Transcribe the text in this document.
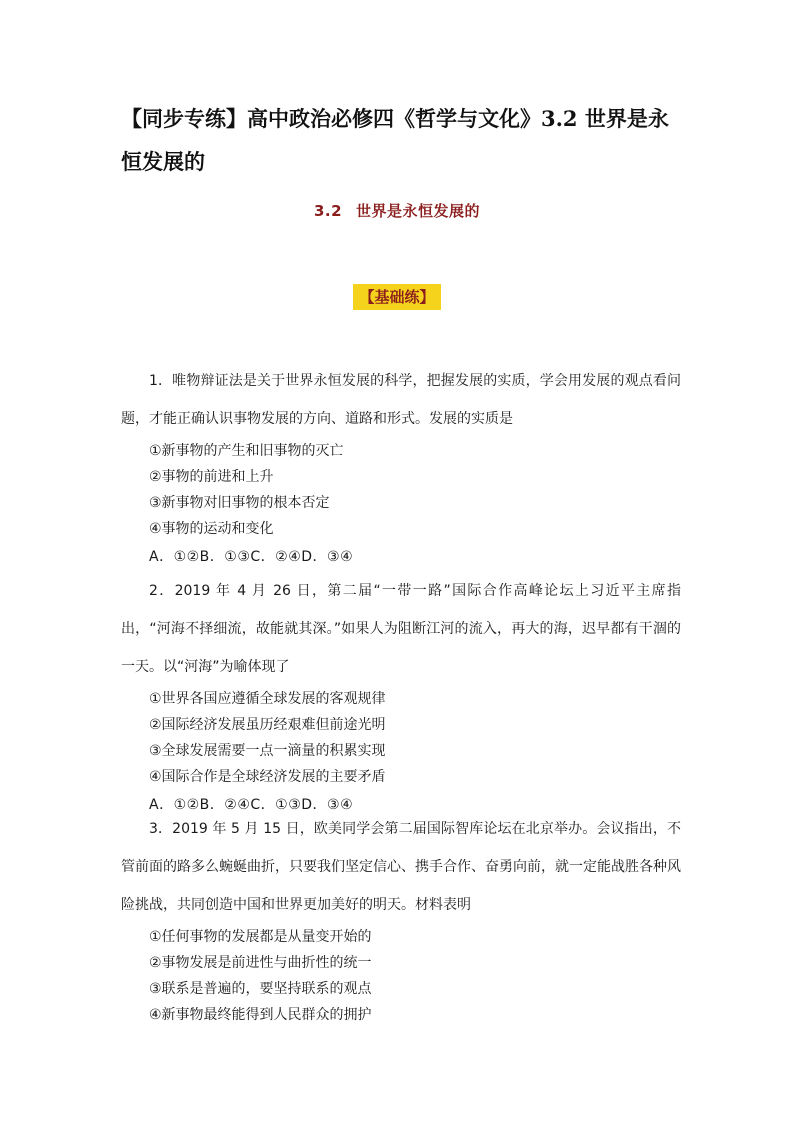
【同步专练】高中政治必修四《哲学与文化》3.2 世界是永恒发展的
3.2 世界是永恒发展的
【基础练】

1．唯物辩证法是关于世界永恒发展的科学，把握发展的实质，学会用发展的观点看问题，才能正确认识事物发展的方向、道路和形式。发展的实质是

①新事物的产生和旧事物的灭亡

②事物的前进和上升

③新事物对旧事物的根本否定

④事物的运动和变化

A．①②B．①③C．②④D．③④

2．2019 年 4 月 26 日，第二届“一带一路”国际合作高峰论坛上习近平主席指出，“河海不择细流，故能就其深。”如果人为阻断江河的流入，再大的海，迟早都有干涸的一天。以“河海”为喻体现了

①世界各国应遵循全球发展的客观规律

②国际经济发展虽历经艰难但前途光明

③全球发展需要一点一滴量的积累实现

④国际合作是全球经济发展的主要矛盾

A．①②B．②④C．①③D．③④

3．2019 年 5 月 15 日，欧美同学会第二届国际智库论坛在北京举办。会议指出，不管前面的路多么蜿蜒曲折，只要我们坚定信心、携手合作、奋勇向前，就一定能战胜各种风险挑战，共同创造中国和世界更加美好的明天。材料表明

①任何事物的发展都是从量变开始的

②事物发展是前进性与曲折性的统一

③联系是普遍的，要坚持联系的观点

④新事物最终能得到人民群众的拥护
